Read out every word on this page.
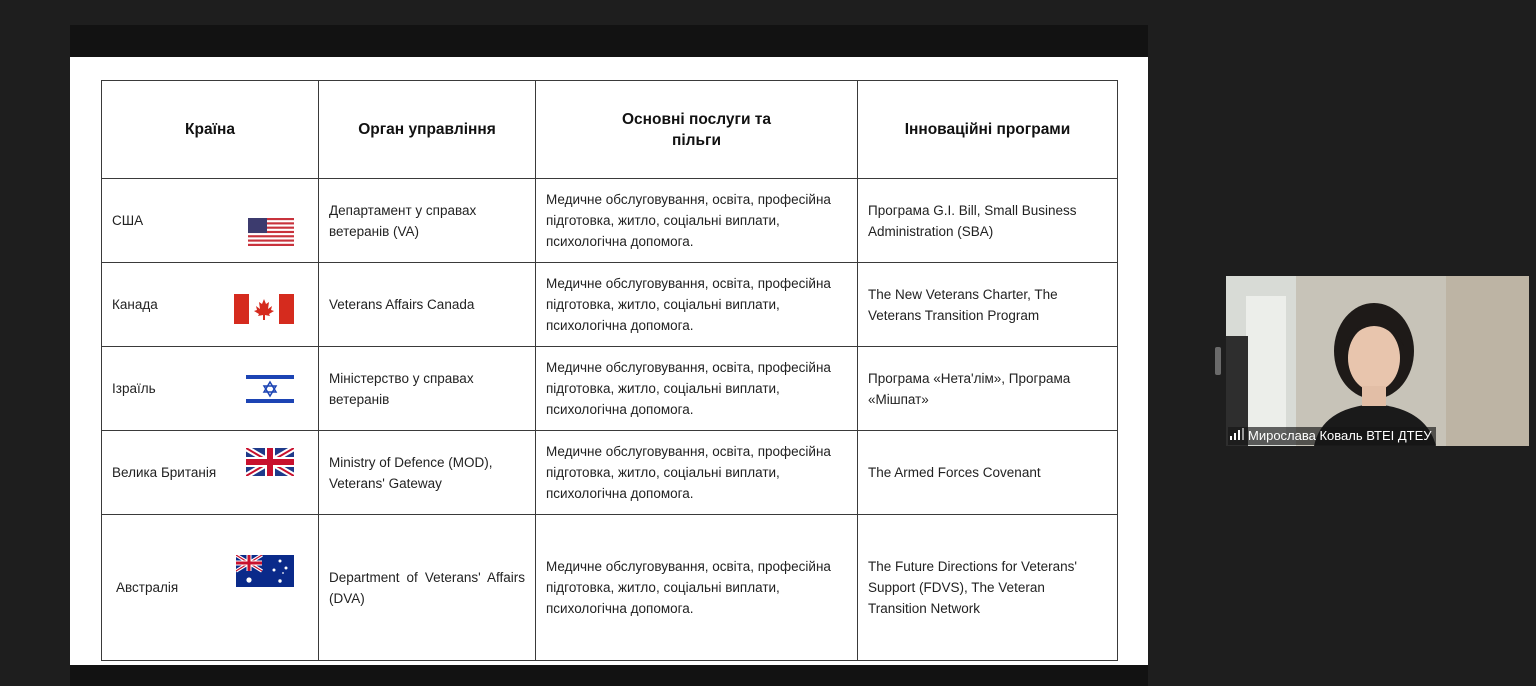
Країна	Орган управління	Основні послуги та пільги	Інноваційні програми
США	Департамент у справах ветеранів (VA)	Медичне обслуговування, освіта, професійна підготовка, житло, соціальні виплати, психологічна допомога.	Програма G.I. Bill, Small Business Administration (SBA)
Канада	Veterans Affairs Canada	Медичне обслуговування, освіта, професійна підготовка, житло, соціальні виплати, психологічна допомога.	The New Veterans Charter, The Veterans Transition Program
Ізраїль	Міністерство у справах ветеранів	Медичне обслуговування, освіта, професійна підготовка, житло, соціальні виплати, психологічна допомога.	Програма «Нета'лім», Програма «Мішпат»
Велика Британія	Ministry of Defence (MOD), Veterans' Gateway	Медичне обслуговування, освіта, професійна підготовка, житло, соціальні виплати, психологічна допомога.	The Armed Forces Covenant
Австралія	Department of Veterans' Affairs (DVA)	Медичне обслуговування, освіта, професійна підготовка, житло, соціальні виплати, психологічна допомога.	The Future Directions for Veterans' Support (FDVS), The Veteran Transition Network
Мирослава Коваль ВТЕІ ДТЕУ
